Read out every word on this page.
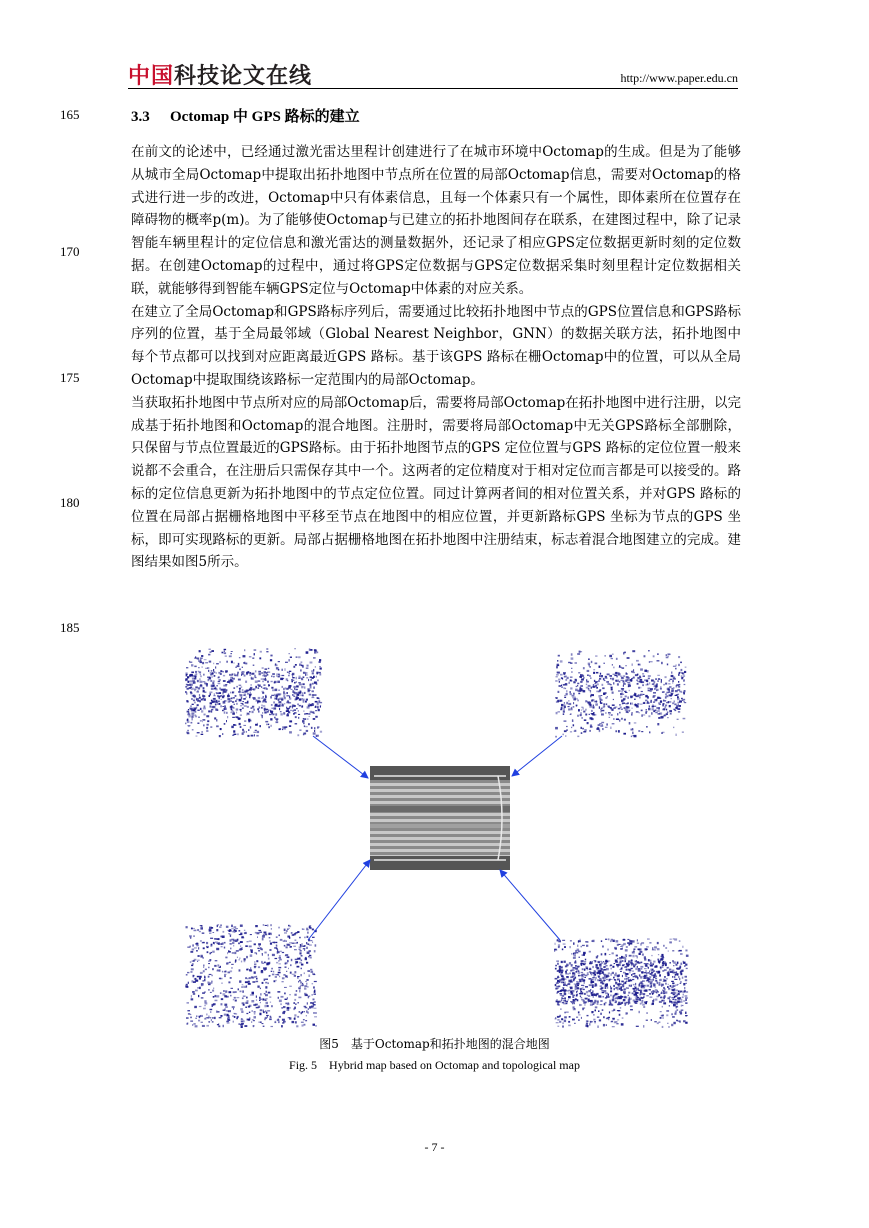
中国科技论文在线	http://www.paper.edu.cn
165
170
175
180
185
3.3 Octomap 中 GPS 路标的建立

在前文的论述中，已经通过激光雷达里程计创建进行了在城市环境中Octomap的生成。但是为了能够从城市全局Octomap中提取出拓扑地图中节点所在位置的局部Octomap信息，需要对Octomap的格式进行进一步的改进，Octomap中只有体素信息，且每一个体素只有一个属性，即体素所在位置存在障碍物的概率p(m)。为了能够使Octomap与已建立的拓扑地图间存在联系，在建图过程中，除了记录智能车辆里程计的定位信息和激光雷达的测量数据外，还记录了相应GPS定位数据更新时刻的定位数据。在创建Octomap的过程中，通过将GPS定位数据与GPS定位数据采集时刻里程计定位数据相关联，就能够得到智能车辆GPS定位与Octomap中体素的对应关系。

在建立了全局Octomap和GPS路标序列后，需要通过比较拓扑地图中节点的GPS位置信息和GPS路标序列的位置，基于全局最邻域（Global Nearest Neighbor，GNN）的数据关联方法，拓扑地图中每个节点都可以找到对应距离最近GPS 路标。基于该GPS 路标在栅Octomap中的位置，可以从全局Octomap中提取围绕该路标一定范围内的局部Octomap。

当获取拓扑地图中节点所对应的局部Octomap后，需要将局部Octomap在拓扑地图中进行注册，以完成基于拓扑地图和Octomap的混合地图。注册时，需要将局部Octomap中无关GPS路标全部删除，只保留与节点位置最近的GPS路标。由于拓扑地图节点的GPS 定位位置与GPS 路标的定位位置一般来说都不会重合，在注册后只需保存其中一个。这两者的定位精度对于相对定位而言都是可以接受的。路标的定位信息更新为拓扑地图中的节点定位位置。同过计算两者间的相对位置关系，并对GPS 路标的位置在局部占据栅格地图中平移至节点在地图中的相应位置，并更新路标GPS 坐标为节点的GPS 坐标，即可实现路标的更新。局部占据栅格地图在拓扑地图中注册结束，标志着混合地图建立的完成。建图结果如图5所示。

图5　基于Octomap和拓扑地图的混合地图
Fig. 5　Hybrid map based on Octomap and topological map
- 7 -
